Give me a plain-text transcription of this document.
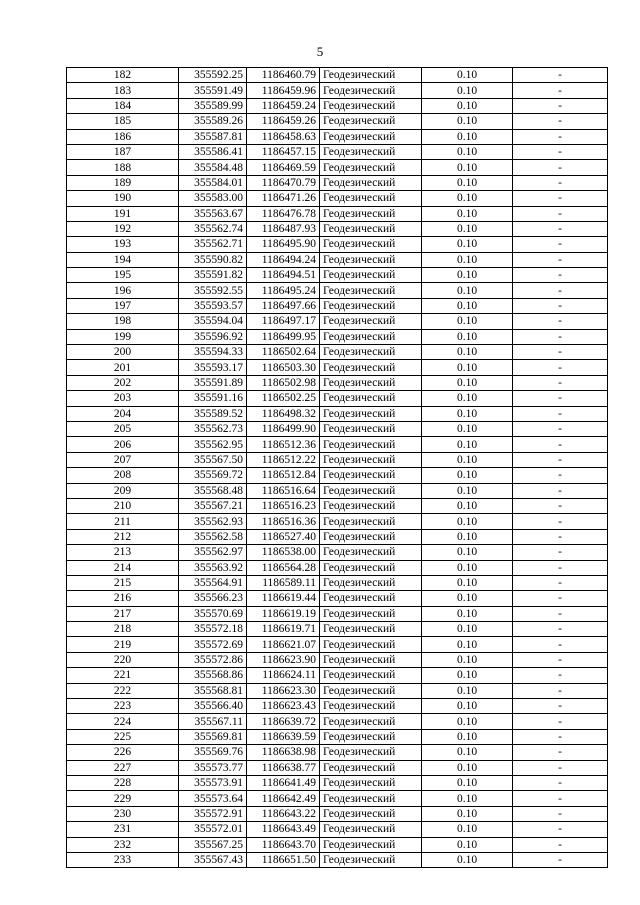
5
182	355592.25	1186460.79	Геодезический	0.10	-
183	355591.49	1186459.96	Геодезический	0.10	-
184	355589.99	1186459.24	Геодезический	0.10	-
185	355589.26	1186459.26	Геодезический	0.10	-
186	355587.81	1186458.63	Геодезический	0.10	-
187	355586.41	1186457.15	Геодезический	0.10	-
188	355584.48	1186469.59	Геодезический	0.10	-
189	355584.01	1186470.79	Геодезический	0.10	-
190	355583.00	1186471.26	Геодезический	0.10	-
191	355563.67	1186476.78	Геодезический	0.10	-
192	355562.74	1186487.93	Геодезический	0.10	-
193	355562.71	1186495.90	Геодезический	0.10	-
194	355590.82	1186494.24	Геодезический	0.10	-
195	355591.82	1186494.51	Геодезический	0.10	-
196	355592.55	1186495.24	Геодезический	0.10	-
197	355593.57	1186497.66	Геодезический	0.10	-
198	355594.04	1186497.17	Геодезический	0.10	-
199	355596.92	1186499.95	Геодезический	0.10	-
200	355594.33	1186502.64	Геодезический	0.10	-
201	355593.17	1186503.30	Геодезический	0.10	-
202	355591.89	1186502.98	Геодезический	0.10	-
203	355591.16	1186502.25	Геодезический	0.10	-
204	355589.52	1186498.32	Геодезический	0.10	-
205	355562.73	1186499.90	Геодезический	0.10	-
206	355562.95	1186512.36	Геодезический	0.10	-
207	355567.50	1186512.22	Геодезический	0.10	-
208	355569.72	1186512.84	Геодезический	0.10	-
209	355568.48	1186516.64	Геодезический	0.10	-
210	355567.21	1186516.23	Геодезический	0.10	-
211	355562.93	1186516.36	Геодезический	0.10	-
212	355562.58	1186527.40	Геодезический	0.10	-
213	355562.97	1186538.00	Геодезический	0.10	-
214	355563.92	1186564.28	Геодезический	0.10	-
215	355564.91	1186589.11	Геодезический	0.10	-
216	355566.23	1186619.44	Геодезический	0.10	-
217	355570.69	1186619.19	Геодезический	0.10	-
218	355572.18	1186619.71	Геодезический	0.10	-
219	355572.69	1186621.07	Геодезический	0.10	-
220	355572.86	1186623.90	Геодезический	0.10	-
221	355568.86	1186624.11	Геодезический	0.10	-
222	355568.81	1186623.30	Геодезический	0.10	-
223	355566.40	1186623.43	Геодезический	0.10	-
224	355567.11	1186639.72	Геодезический	0.10	-
225	355569.81	1186639.59	Геодезический	0.10	-
226	355569.76	1186638.98	Геодезический	0.10	-
227	355573.77	1186638.77	Геодезический	0.10	-
228	355573.91	1186641.49	Геодезический	0.10	-
229	355573.64	1186642.49	Геодезический	0.10	-
230	355572.91	1186643.22	Геодезический	0.10	-
231	355572.01	1186643.49	Геодезический	0.10	-
232	355567.25	1186643.70	Геодезический	0.10	-
233	355567.43	1186651.50	Геодезический	0.10	-
